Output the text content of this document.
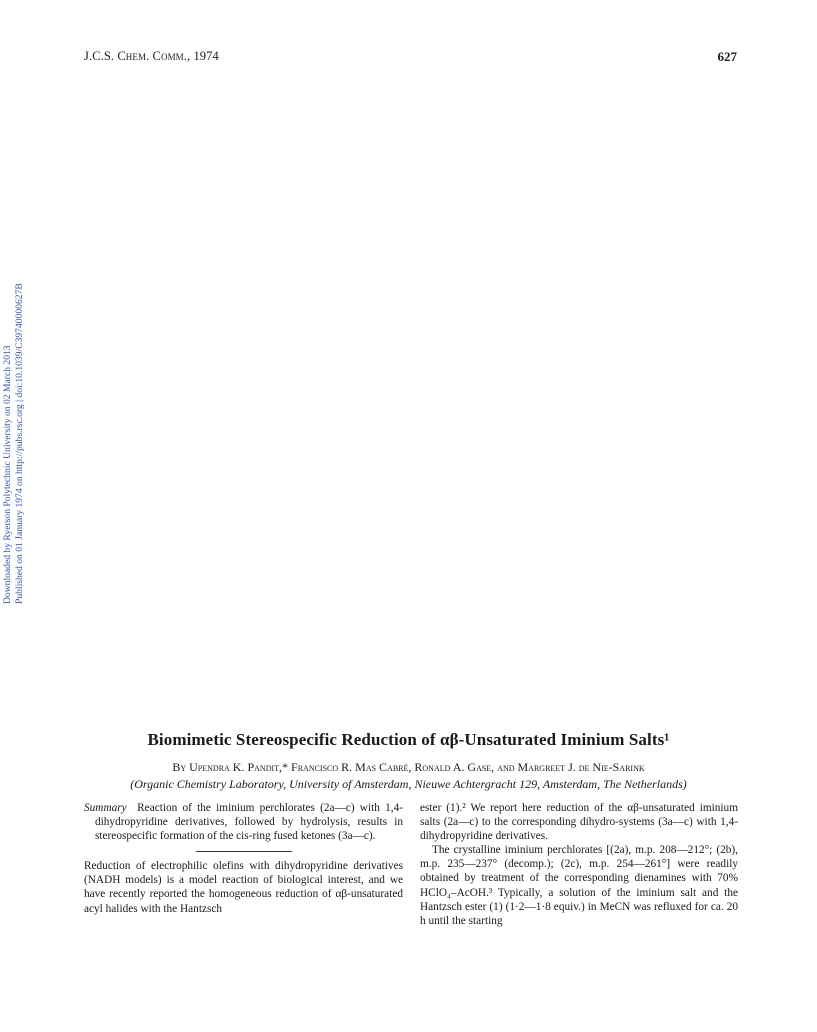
J.C.S. Chem. Comm., 1974	627
Downloaded by Ryerson Polytechnic University on 02 March 2013 Published on 01 January 1974 on http://pubs.rsc.org | doi:10.1039/C39740000627B
Biomimetic Stereospecific Reduction of αβ-Unsaturated Iminium Salts¹
By Upendra K. Pandit,* Francisco R. Mas Cabré, Ronald A. Gase, and Margreet J. de Nie-Sarink
(Organic Chemistry Laboratory, University of Amsterdam, Nieuwe Achtergracht 129, Amsterdam, The Netherlands)

Summary Reaction of the iminium perchlorates (2a—c) with 1,4-dihydropyridine derivatives, followed by hydrolysis, results in stereospecific formation of the cis-ring fused ketones (3a—c).

Reduction of electrophilic olefins with dihydropyridine derivatives (NADH models) is a model reaction of biological interest, and we have recently reported the homogeneous reduction of αβ-unsaturated acyl halides with the Hantzsch

ester (1).² We report here reduction of the αβ-unsaturated iminium salts (2a—c) to the corresponding dihydro-systems (3a—c) with 1,4-dihydropyridine derivatives.

The crystalline iminium perchlorates [(2a), m.p. 208—212°; (2b), m.p. 235—237° (decomp.); (2c), m.p. 254—261°] were readily obtained by treatment of the corresponding dienamines with 70% HClO₄–AcOH.³ Typically, a solution of the iminium salt and the Hantzsch ester (1) (1·2—1·8 equiv.) in MeCN was refluxed for ca. 20 h until the starting
